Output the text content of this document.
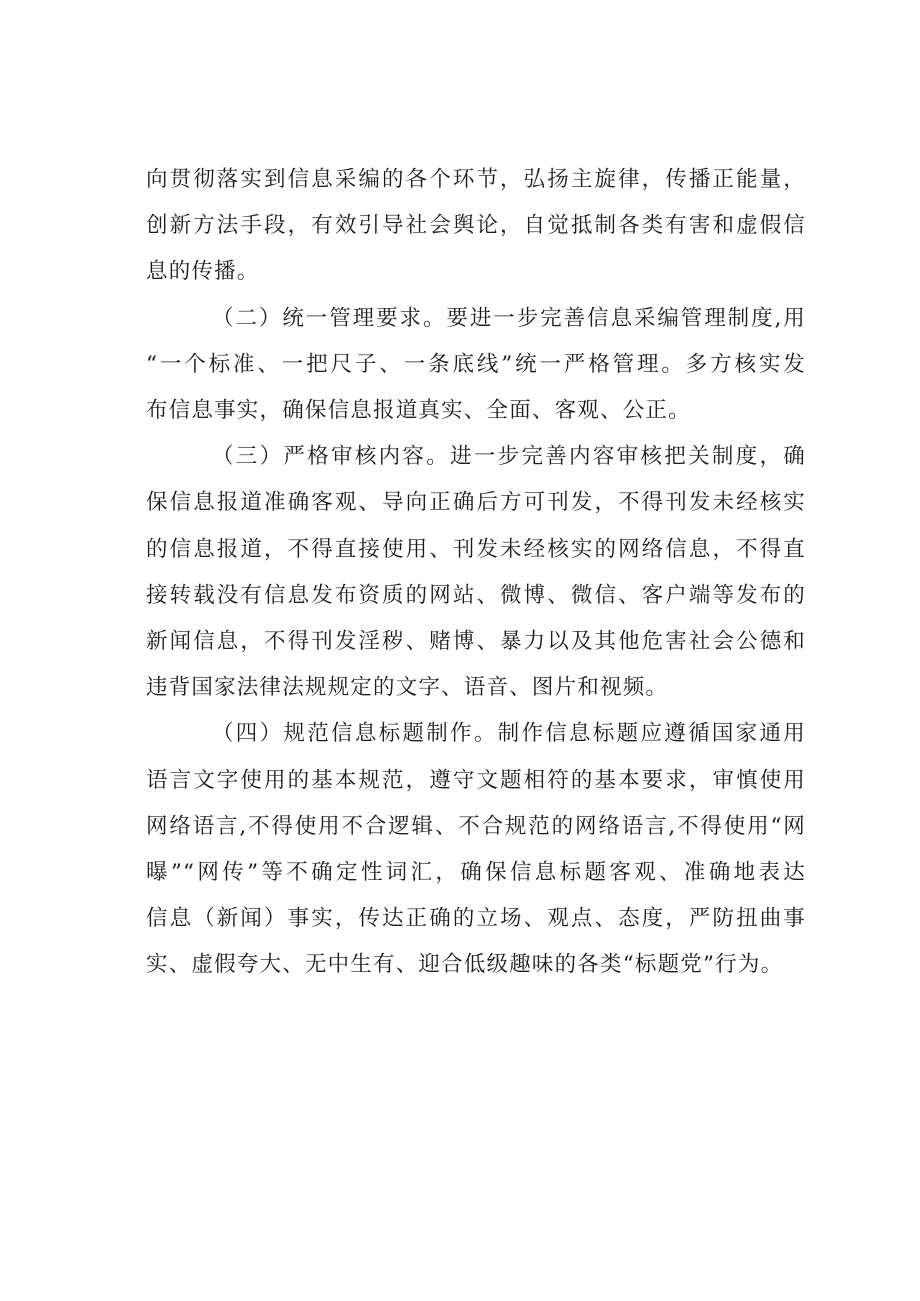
向贯彻落实到信息采编的各个环节，弘扬主旋律，传播正能量，
创新方法手段，有效引导社会舆论，自觉抵制各类有害和虚假信
息的传播。

（二）统一管理要求。要进一步完善信息采编管理制度,用
“一个标准、一把尺子、一条底线”统一严格管理。多方核实发
布信息事实，确保信息报道真实、全面、客观、公正。

（三）严格审核内容。进一步完善内容审核把关制度，确
保信息报道准确客观、导向正确后方可刊发，不得刊发未经核实
的信息报道，不得直接使用、刊发未经核实的网络信息，不得直
接转载没有信息发布资质的网站、微博、微信、客户端等发布的
新闻信息，不得刊发淫秽、赌博、暴力以及其他危害社会公德和
违背国家法律法规规定的文字、语音、图片和视频。

（四）规范信息标题制作。制作信息标题应遵循国家通用
语言文字使用的基本规范，遵守文题相符的基本要求，审慎使用
网络语言,不得使用不合逻辑、不合规范的网络语言,不得使用“网
曝”“网传”等不确定性词汇，确保信息标题客观、准确地表达
信息（新闻）事实，传达正确的立场、观点、态度，严防扭曲事
实、虚假夸大、无中生有、迎合低级趣味的各类“标题党”行为。
